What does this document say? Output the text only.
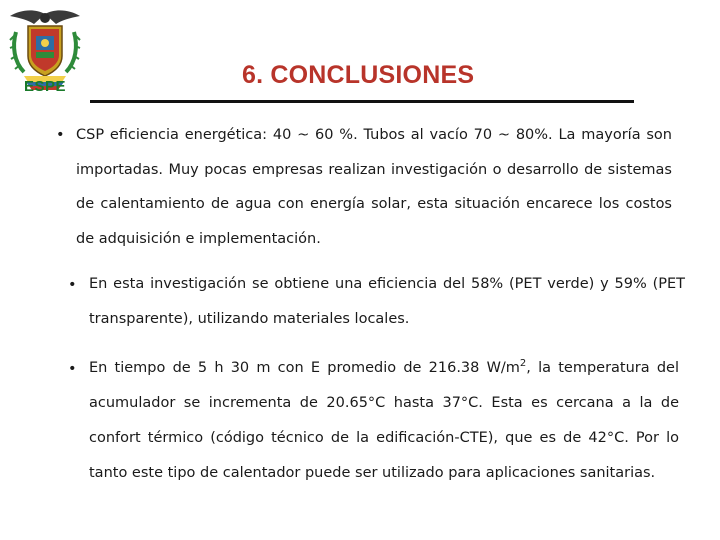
ESPE	6. CONCLUSIONES
• CSP eficiencia energética: 40 ~ 60 %. Tubos al vacío 70 ~ 80%. La mayoría son importadas. Muy pocas empresas realizan investigación o desarrollo de sistemas de calentamiento de agua con energía solar, esta situación encarece los costos de adquisición e implementación.
• En esta investigación se obtiene una eficiencia del 58% (PET verde) y 59% (PET transparente), utilizando materiales locales.
• En tiempo de 5 h 30 m con E promedio de 216.38 $W/m^2$, la temperatura del acumulador se incrementa de 20.65°C hasta 37°C. Esta es cercana a la de confort térmico (código técnico de la edificación-CTE), que es de 42°C. Por lo tanto este tipo de calentador puede ser utilizado para aplicaciones sanitarias.
